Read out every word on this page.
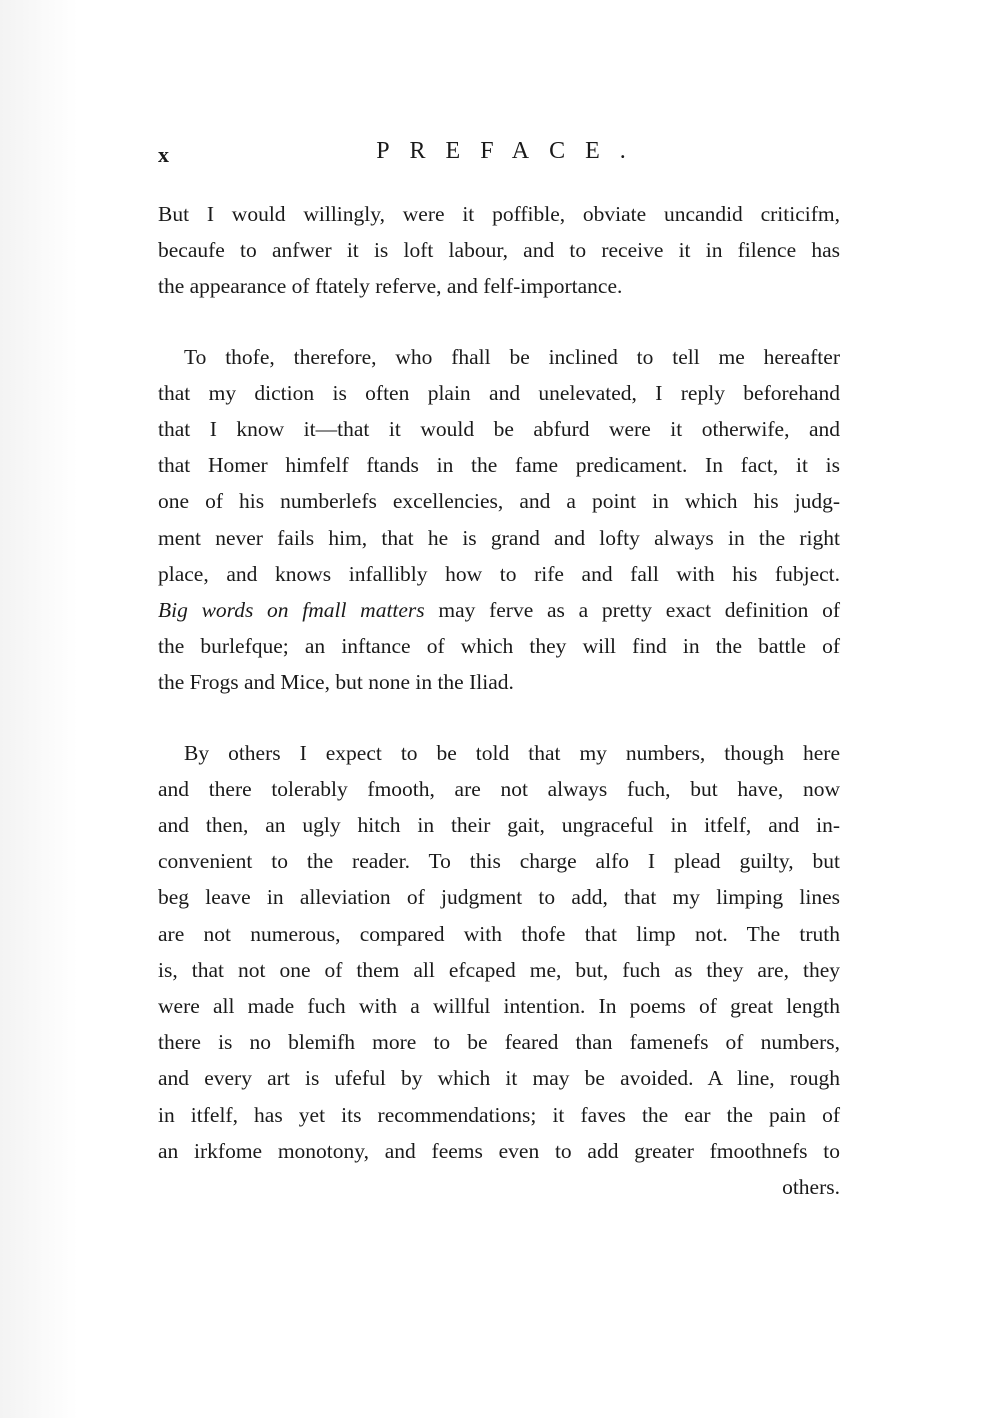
x	PREFACE.

But I would willingly, were it poffible, obviate uncandid criticifm,
becaufe to anfwer it is loft labour, and to receive it in filence has
the appearance of ftately referve, and felf-importance.

To thofe, therefore, who fhall be inclined to tell me hereafter
that my diction is often plain and unelevated, I reply beforehand
that I know it—that it would be abfurd were it otherwife, and
that Homer himfelf ftands in the fame predicament. In fact, it is
one of his numberlefs excellencies, and a point in which his judg-
ment never fails him, that he is grand and lofty always in the right
place, and knows infallibly how to rife and fall with his fubject.
Big words on fmall matters may ferve as a pretty exact definition of
the burlefque; an inftance of which they will find in the battle of
the Frogs and Mice, but none in the Iliad.

By others I expect to be told that my numbers, though here
and there tolerably fmooth, are not always fuch, but have, now
and then, an ugly hitch in their gait, ungraceful in itfelf, and in-
convenient to the reader. To this charge alfo I plead guilty, but
beg leave in alleviation of judgment to add, that my limping lines
are not numerous, compared with thofe that limp not. The truth
is, that not one of them all efcaped me, but, fuch as they are, they
were all made fuch with a willful intention. In poems of great length
there is no blemifh more to be feared than famenefs of numbers,
and every art is ufeful by which it may be avoided. A line, rough
in itfelf, has yet its recommendations; it faves the ear the pain of
an irkfome monotony, and feems even to add greater fmoothnefs to
others.
